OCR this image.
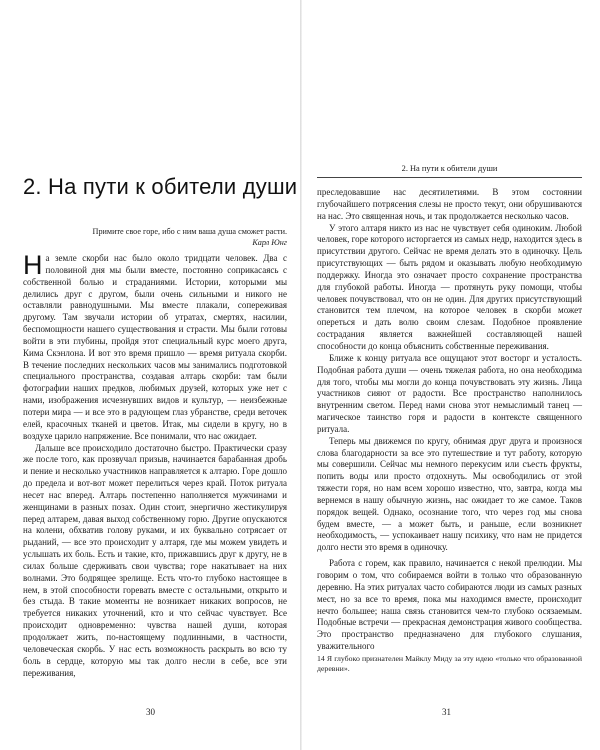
2. На пути к обители души
Примите свое горе, ибо с ним ваша душа сможет расти.
Карл Юнг

На земле скорби нас было около тридцати человек. Два с половиной дня мы были вместе, постоянно соприкасаясь с собственной болью и страданиями. Истории, которыми мы делились друг с другом, были очень сильными и никого не оставляли равнодушными. Мы вместе плакали, сопереживая другому. Там звучали истории об утратах, смертях, насилии, беспомощности нашего существования и страсти. Мы были готовы войти в эти глубины, пройдя этот специальный курс моего друга, Кима Скэнлона. И вот это время пришло — время ритуала скорби. В течение последних нескольких часов мы занимались подготовкой специального пространства, создавая алтарь скорби: там были фотографии наших предков, любимых друзей, которых уже нет с нами, изображения исчезнувших видов и культур, — неизбежные потери мира — и все это в радующем глаз убранстве, среди веточек елей, красочных тканей и цветов. Итак, мы сидели в кругу, но в воздухе царило напряжение. Все понимали, что нас ожидает.

Дальше все происходило достаточно быстро. Практически сразу же после того, как прозвучал призыв, начинается барабанная дробь и пение и несколько участников направляется к алтарю. Горе дошло до предела и вот-вот может перелиться через край. Поток ритуала несет нас вперед. Алтарь постепенно наполняется мужчинами и женщинами в разных позах. Один стоит, энергично жестикулируя перед алтарем, давая выход собственному горю. Другие опускаются на колени, обхватив голову руками, и их буквально сотрясает от рыданий, — все это происходит у алтаря, где мы можем увидеть и услышать их боль. Есть и такие, кто, прижавшись друг к другу, не в силах больше сдерживать свои чувства; горе накатывает на них волнами. Это бодрящее зрелище. Есть что-то глубоко настоящее в нем, в этой способности горевать вместе с остальными, открыто и без стыда. В такие моменты не возникает никаких вопросов, не требуется никаких уточнений, кто и что сейчас чувствует. Все происходит одновременно: чувства нашей души, которая продолжает жить, по-настоящему подлинными, в частности, человеческая скорбь. У нас есть возможность раскрыть во всю ту боль в сердце, которую мы так долго несли в себе, все эти переживания,

30
2. На пути к обители души

преследовавшие нас десятилетиями. В этом состоянии глубочайшего потрясения слезы не просто текут, они обрушиваются на нас. Это священная ночь, и так продолжается несколько часов.

У этого алтаря никто из нас не чувствует себя одиноким. Любой человек, горе которого исторгается из самых недр, находится здесь в присутствии другого. Сейчас не время делать это в одиночку. Цель присутствующих — быть рядом и оказывать любую необходимую поддержку. Иногда это означает просто сохранение пространства для глубокой работы. Иногда — протянуть руку помощи, чтобы человек почувствовал, что он не один. Для других присутствующий становится тем плечом, на которое человек в скорби может опереться и дать волю своим слезам. Подобное проявление сострадания является важнейшей составляющей нашей способности до конца объяснить собственные переживания.

Ближе к концу ритуала все ощущают этот восторг и усталость. Подобная работа души — очень тяжелая работа, но она необходима для того, чтобы мы могли до конца почувствовать эту жизнь. Лица участников сияют от радости. Все пространство наполнилось внутренним светом. Перед нами снова этот немыслимый танец — магическое таинство горя и радости в контексте священного ритуала.

Теперь мы движемся по кругу, обнимая друг друга и произнося слова благодарности за все это путешествие и тут работу, которую мы совершили. Сейчас мы немного перекусим или съесть фрукты, попить воды или просто отдохнуть. Мы освободились от этой тяжести горя, но нам всем хорошо известно, что, завтра, когда мы вернемся в нашу обычную жизнь, нас ожидает то же самое. Таков порядок вещей. Однако, осознание того, что через год мы снова будем вместе, — а может быть, и раньше, если возникнет необходимость, — успокаивает нашу психику, что нам не придется долго нести это время в одиночку.

Работа с горем, как правило, начинается с некой прелюдии. Мы говорим о том, что собираемся войти в только что образованную деревню. На этих ритуалах часто собираются люди из самых разных мест, но за все то время, пока мы находимся вместе, происходит нечто большее; наша связь становится чем-то глубоко осязаемым. Подобные встречи — прекрасная демонстрация живого сообщества. Это пространство предназначено для глубокого слушания, уважительного

14 Я глубоко признателен Майклу Миду за эту идею «только что образованной деревни».

31
